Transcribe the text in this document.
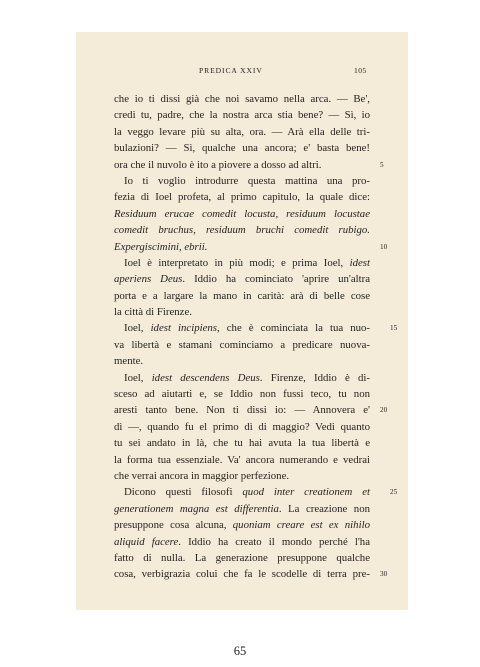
PREDICA XXIV	105
che io ti dissi già che noi savamo nella arca. — Be',
credi tu, padre, che la nostra arca stia bene? — Sì, io
la veggo levare più su alta, ora. — Arà ella delle tri-
bulazioni? — Sì, qualche una ancora; e' basta bene!
ora che il nuvolo è ito a piovere a dosso ad altri.	5
Io ti voglio introdurre questa mattina una pro-
fezia di Ioel profeta, al primo capitulo, la quale dice:
Residuum erucae comedit locusta, residuum locustae
comedit bruchus, residuum bruchi comedit rubigo.
Expergiscimini, ebrii.	10
Ioel è interpretato in più modi; e prima Ioel, idest
aperiens Deus. Iddio ha cominciato 'aprire un'altra
porta e a largare la mano in carità: arà di belle cose
la città di Firenze.
Ioel, idest incipiens, che è cominciata la tua nuo-	15
va libertà e stamani cominciamo a predicare nuova-
mente.
Ioel, idest descendens Deus. Firenze, Iddio è di-
sceso ad aiutarti e, se Iddio non fussi teco, tu non
aresti tanto bene. Non ti dissi io: — Annovera e' 20
dì —, quando fu el primo dì di maggio? Vedi quanto
tu sei andato in là, che tu hai avuta la tua libertà e
la forma tua essenziale. Va' ancora numerando e vedrai
che verrai ancora in maggior perfezione.
Dicono questi filosofi quod inter creationem et	25
generationem magna est differentia. La creazione non
presuppone cosa alcuna, quoniam creare est ex nihilo
aliquid facere. Iddio ha creato il mondo perché l'ha
fatto di nulla. La generazione presuppone qualche
cosa, verbigrazia colui che fa le scodelle di terra pre- 30
65
